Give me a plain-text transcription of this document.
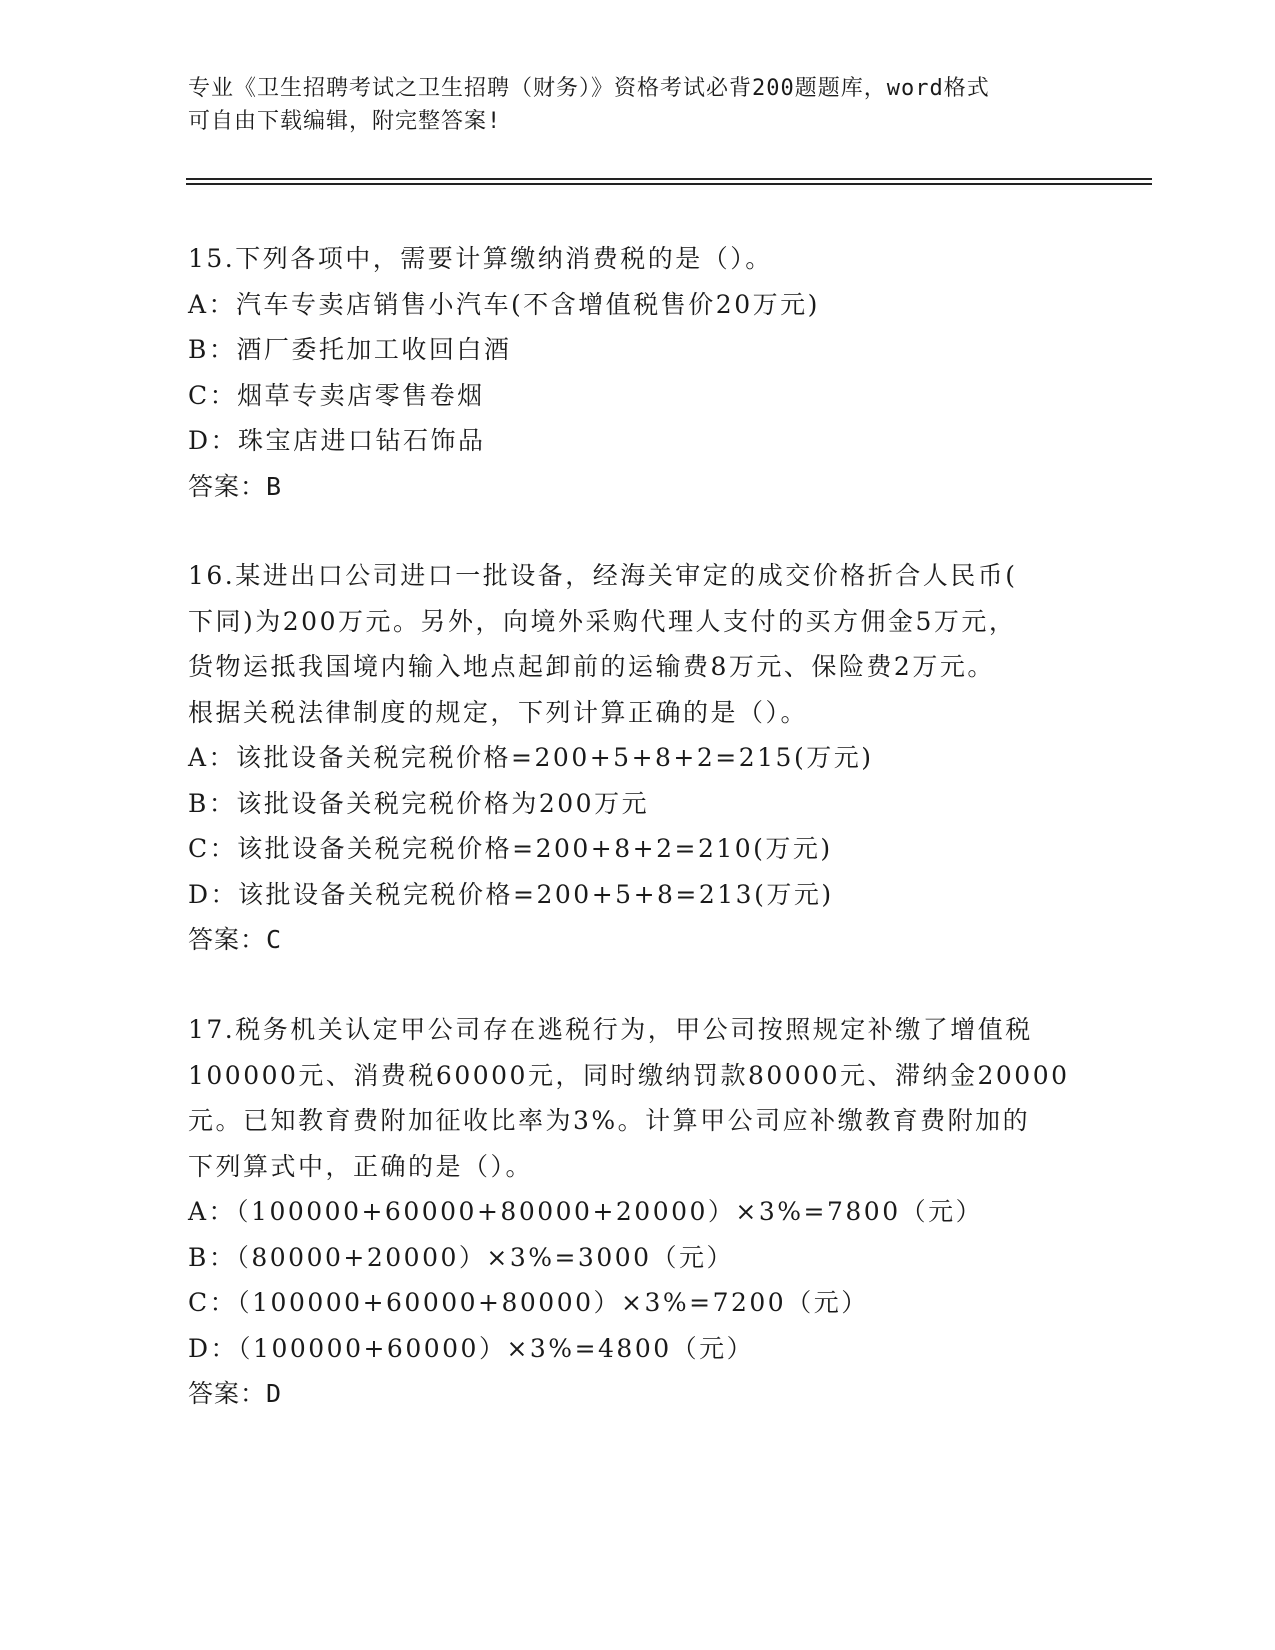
专业《卫生招聘考试之卫生招聘（财务）》资格考试必背200题题库，word格式
可自由下载编辑，附完整答案!
15.下列各项中，需要计算缴纳消费税的是（）。
A：汽车专卖店销售小汽车(不含增值税售价20万元)
B：酒厂委托加工收回白酒
C：烟草专卖店零售卷烟
D：珠宝店进口钻石饰品
答案：B
16.某进出口公司进口一批设备，经海关审定的成交价格折合人民币(
下同)为200万元。另外，向境外采购代理人支付的买方佣金5万元，
货物运抵我国境内输入地点起卸前的运输费8万元、保险费2万元。
根据关税法律制度的规定，下列计算正确的是（）。
A：该批设备关税完税价格=200+5+8+2=215(万元)
B：该批设备关税完税价格为200万元
C：该批设备关税完税价格=200+8+2=210(万元)
D：该批设备关税完税价格=200+5+8=213(万元)
答案：C
17.税务机关认定甲公司存在逃税行为，甲公司按照规定补缴了增值税
100000元、消费税60000元，同时缴纳罚款80000元、滞纳金20000
元。已知教育费附加征收比率为3%。计算甲公司应补缴教育费附加的
下列算式中，正确的是（）。
A：（100000+60000+80000+20000）×3%=7800（元）
B：（80000+20000）×3%=3000（元）
C：（100000+60000+80000）×3%=7200（元）
D：（100000+60000）×3%=4800（元）
答案：D
